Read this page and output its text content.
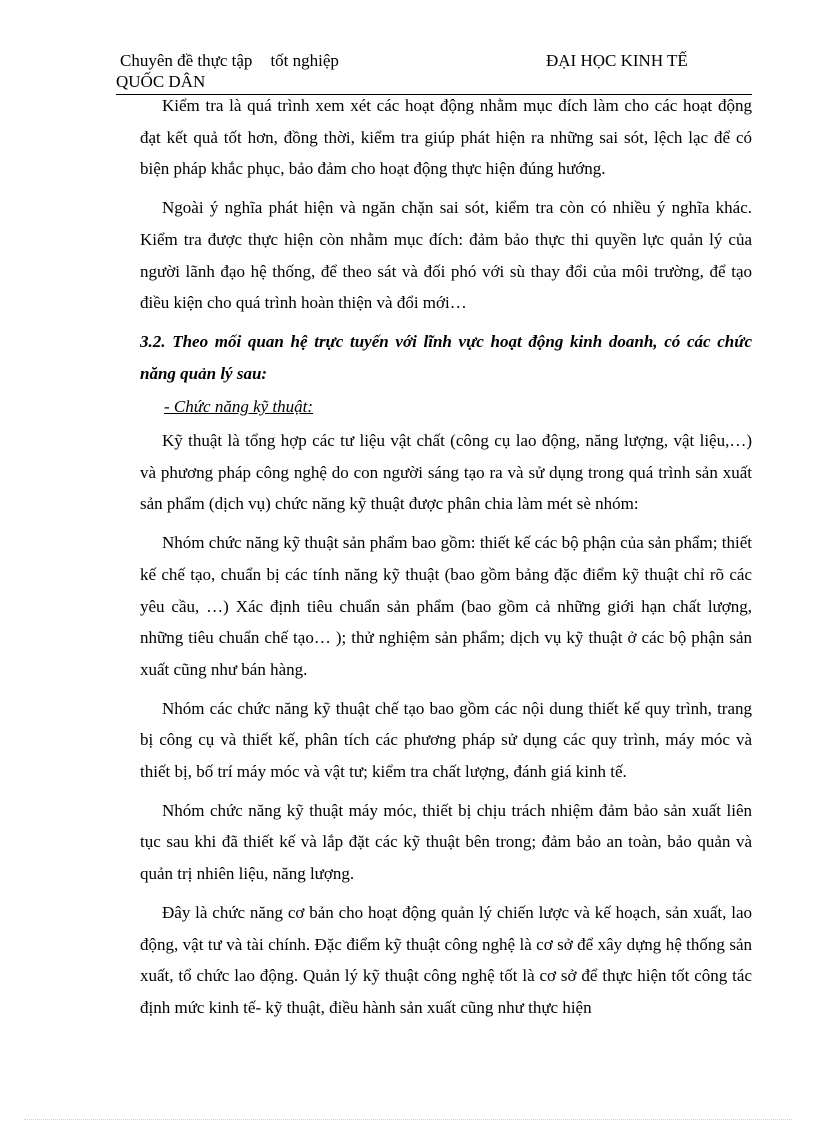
Chuyên đề thực tập tốt nghiệp	ĐẠI HỌC KINH TẾ
QUỐC DÂN

Kiểm tra là quá trình xem xét các hoạt động nhằm mục đích làm cho các hoạt động đạt kết quả tốt hơn, đồng thời, kiểm tra giúp phát hiện ra những sai sót, lệch lạc để có biện pháp khắc phục, bảo đảm cho hoạt động thực hiện đúng hướng.

Ngoài ý nghĩa phát hiện và ngăn chặn sai sót, kiểm tra còn có nhiều ý nghĩa khác. Kiểm tra được thực hiện còn nhằm mục đích: đảm bảo thực thi quyền lực quản lý của người lãnh đạo hệ thống, để theo sát và đối phó với sù thay đổi của môi trường, để tạo điều kiện cho quá trình hoàn thiện và đổi mới…

3.2. Theo mối quan hệ trực tuyến với lĩnh vực hoạt động kinh doanh, có các chức năng quản lý sau:

- Chức năng kỹ thuật:

Kỹ thuật là tổng hợp các tư liệu vật chất (công cụ lao động, năng lượng, vật liệu,…) và phương pháp công nghệ do con người sáng tạo ra và sử dụng trong quá trình sản xuất sản phẩm (dịch vụ) chức năng kỹ thuật được phân chia làm mét sè nhóm:

Nhóm chức năng kỹ thuật sản phẩm bao gồm: thiết kế các bộ phận của sản phẩm; thiết kế chế tạo, chuẩn bị các tính năng kỹ thuật (bao gồm bảng đặc điểm kỹ thuật chỉ rõ các yêu cầu, …) Xác định tiêu chuẩn sản phẩm (bao gồm cả những giới hạn chất lượng, những tiêu chuẩn chế tạo… ); thử nghiệm sản phẩm; dịch vụ kỹ thuật ở các bộ phận sản xuất cũng như bán hàng.

Nhóm các chức năng kỹ thuật chế tạo bao gồm các nội dung thiết kế quy trình, trang bị công cụ và thiết kế, phân tích các phương pháp sử dụng các quy trình, máy móc và thiết bị, bố trí máy móc và vật tư; kiểm tra chất lượng, đánh giá kinh tế.

Nhóm chức năng kỹ thuật máy móc, thiết bị chịu trách nhiệm đảm bảo sản xuất liên tục sau khi đã thiết kế và lắp đặt các kỹ thuật bên trong; đảm bảo an toàn, bảo quản và quản trị nhiên liệu, năng lượng.

Đây là chức năng cơ bản cho hoạt động quản lý chiến lược và kế hoạch, sản xuất, lao động, vật tư và tài chính. Đặc điểm kỹ thuật công nghệ là cơ sở để xây dựng hệ thống sản xuất, tổ chức lao động. Quản lý kỹ thuật công nghệ tốt là cơ sở để thực hiện tốt công tác định mức kinh tế- kỹ thuật, điều hành sản xuất cũng như thực hiện
